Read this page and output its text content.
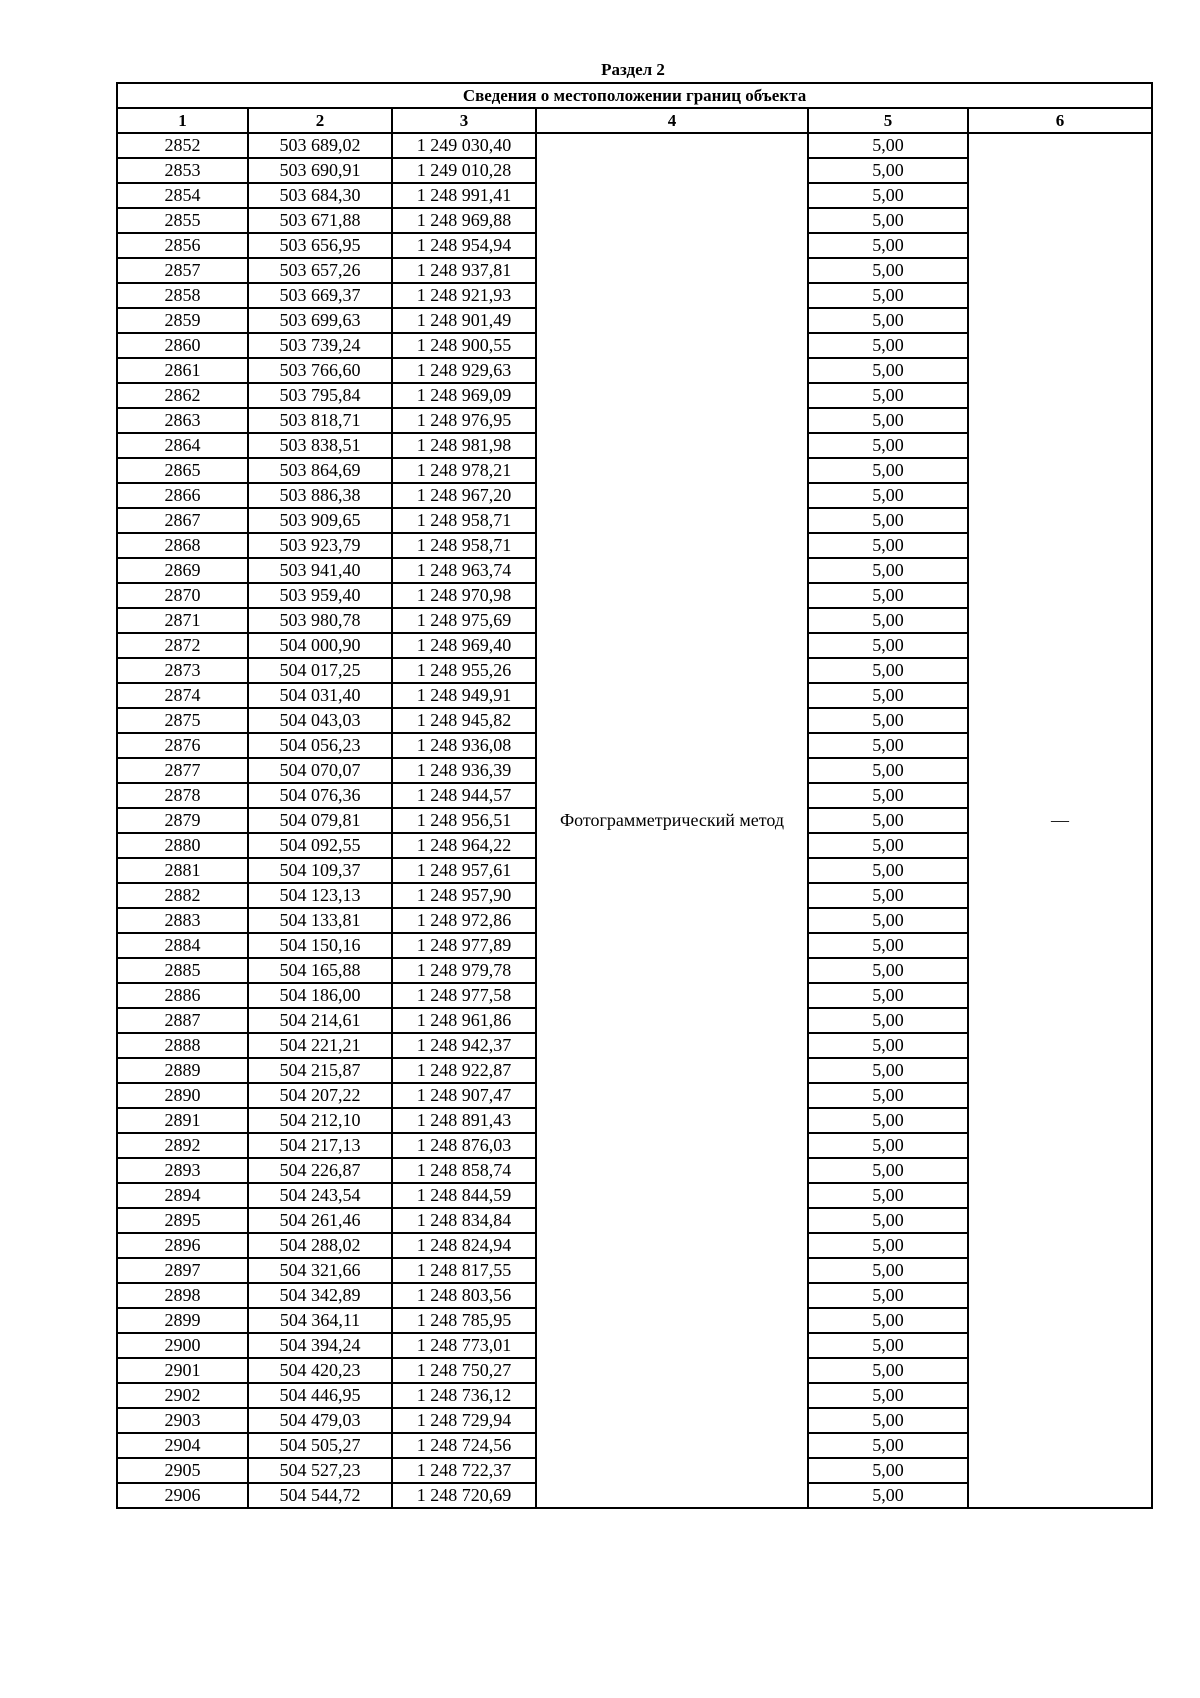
Раздел 2
Сведения о местоположении границ объекта					
1	2	3	4	5	6
2852	503 689,02	1 249 030,40	Фотограмметрический метод	5,00	—
2853	503 690,91	1 249 010,28		5,00	
2854	503 684,30	1 248 991,41		5,00	
2855	503 671,88	1 248 969,88		5,00	
2856	503 656,95	1 248 954,94		5,00	
2857	503 657,26	1 248 937,81		5,00	
2858	503 669,37	1 248 921,93		5,00	
2859	503 699,63	1 248 901,49		5,00	
2860	503 739,24	1 248 900,55		5,00	
2861	503 766,60	1 248 929,63		5,00	
2862	503 795,84	1 248 969,09		5,00	
2863	503 818,71	1 248 976,95		5,00	
2864	503 838,51	1 248 981,98		5,00	
2865	503 864,69	1 248 978,21		5,00	
2866	503 886,38	1 248 967,20		5,00	
2867	503 909,65	1 248 958,71		5,00	
2868	503 923,79	1 248 958,71		5,00	
2869	503 941,40	1 248 963,74		5,00	
2870	503 959,40	1 248 970,98		5,00	
2871	503 980,78	1 248 975,69		5,00	
2872	504 000,90	1 248 969,40		5,00	
2873	504 017,25	1 248 955,26		5,00	
2874	504 031,40	1 248 949,91		5,00	
2875	504 043,03	1 248 945,82		5,00	
2876	504 056,23	1 248 936,08		5,00	
2877	504 070,07	1 248 936,39		5,00	
2878	504 076,36	1 248 944,57		5,00	
2879	504 079,81	1 248 956,51		5,00	
2880	504 092,55	1 248 964,22		5,00	
2881	504 109,37	1 248 957,61		5,00	
2882	504 123,13	1 248 957,90		5,00	
2883	504 133,81	1 248 972,86		5,00	
2884	504 150,16	1 248 977,89		5,00	
2885	504 165,88	1 248 979,78		5,00	
2886	504 186,00	1 248 977,58		5,00	
2887	504 214,61	1 248 961,86		5,00	
2888	504 221,21	1 248 942,37		5,00	
2889	504 215,87	1 248 922,87		5,00	
2890	504 207,22	1 248 907,47		5,00	
2891	504 212,10	1 248 891,43		5,00	
2892	504 217,13	1 248 876,03		5,00	
2893	504 226,87	1 248 858,74		5,00	
2894	504 243,54	1 248 844,59		5,00	
2895	504 261,46	1 248 834,84		5,00	
2896	504 288,02	1 248 824,94		5,00	
2897	504 321,66	1 248 817,55		5,00	
2898	504 342,89	1 248 803,56		5,00	
2899	504 364,11	1 248 785,95		5,00	
2900	504 394,24	1 248 773,01		5,00	
2901	504 420,23	1 248 750,27		5,00	
2902	504 446,95	1 248 736,12		5,00	
2903	504 479,03	1 248 729,94		5,00	
2904	504 505,27	1 248 724,56		5,00	
2905	504 527,23	1 248 722,37		5,00	
2906	504 544,72	1 248 720,69		5,00	
